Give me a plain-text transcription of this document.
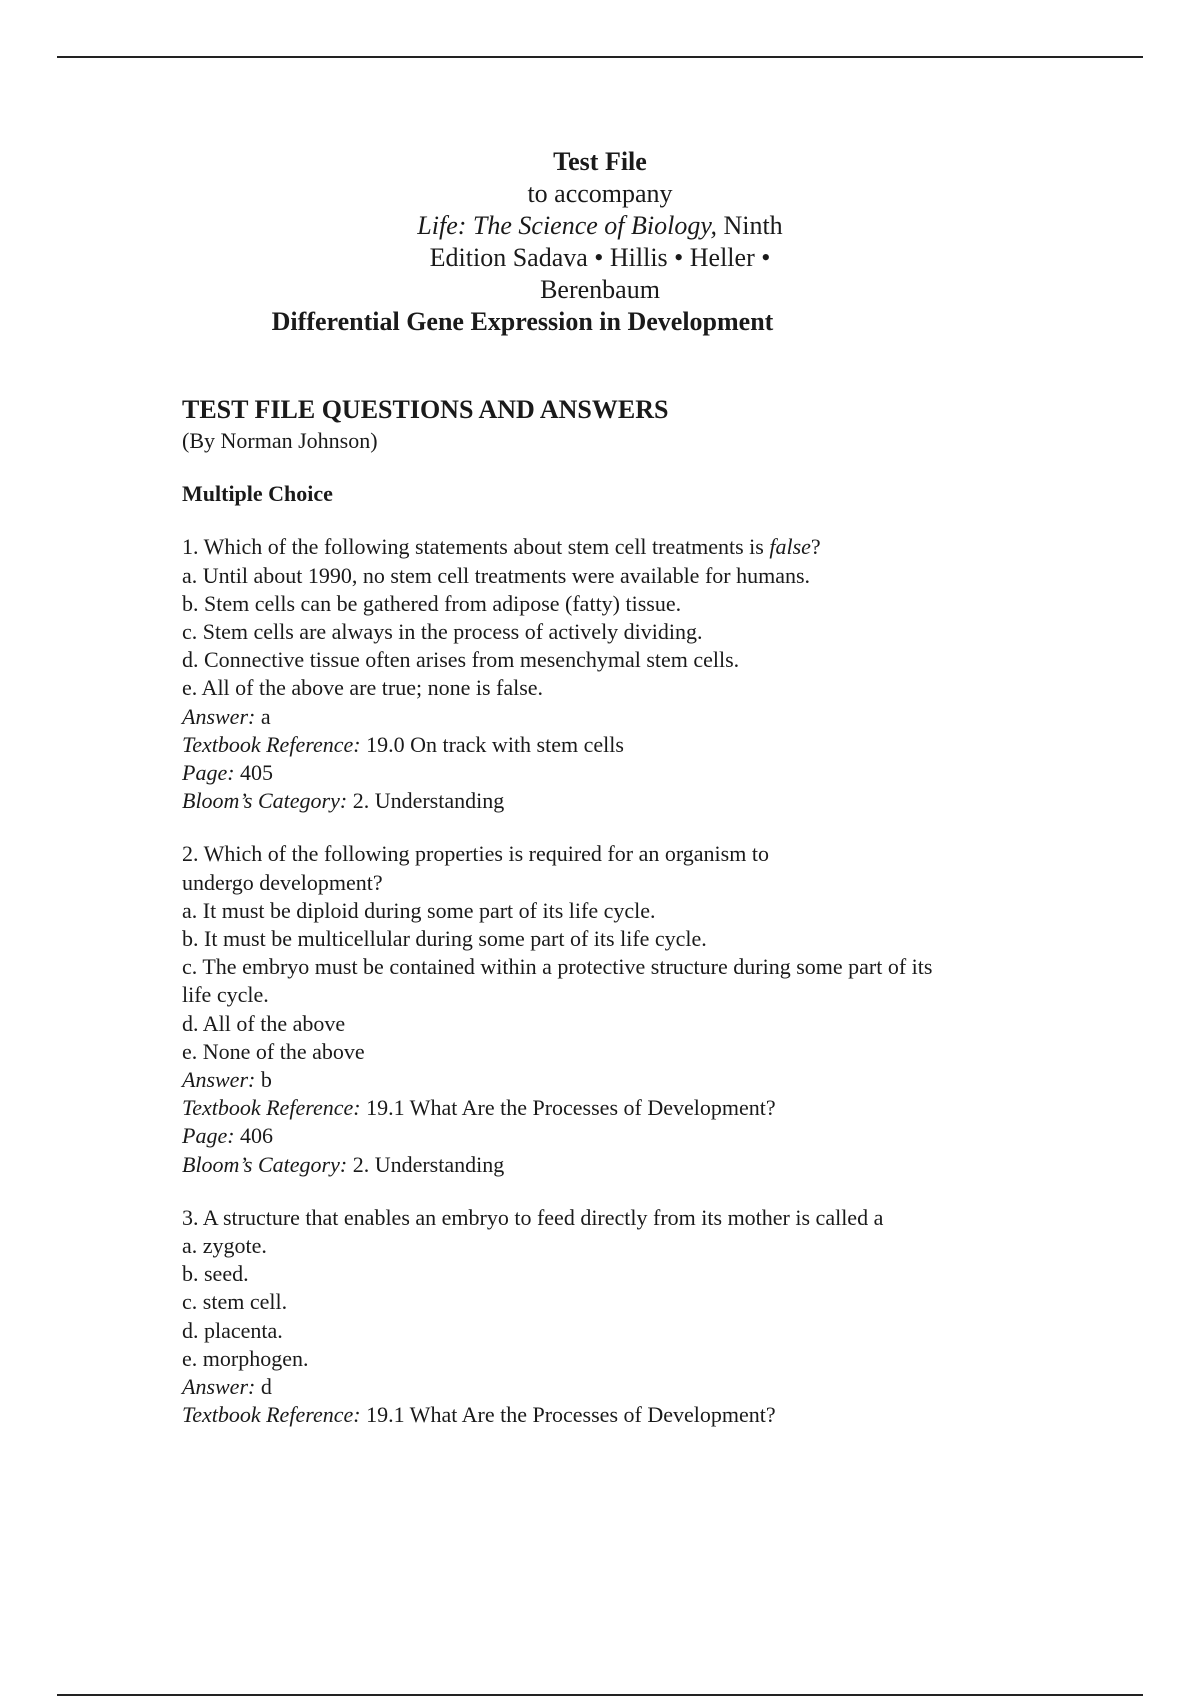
Test File
to accompany
Life: The Science of Biology, Ninth
Edition Sadava • Hillis • Heller •
Berenbaum
Differential Gene Expression in Development
TEST FILE QUESTIONS AND ANSWERS
(By Norman Johnson)
Multiple Choice
1. Which of the following statements about stem cell treatments is false?
a. Until about 1990, no stem cell treatments were available for humans.
b. Stem cells can be gathered from adipose (fatty) tissue.
c. Stem cells are always in the process of actively dividing.
d. Connective tissue often arises from mesenchymal stem cells.
e. All of the above are true; none is false.
Answer: a
Textbook Reference: 19.0 On track with stem cells
Page: 405
Bloom’s Category: 2. Understanding
2. Which of the following properties is required for an organism to
undergo development?
a. It must be diploid during some part of its life cycle.
b. It must be multicellular during some part of its life cycle.
c. The embryo must be contained within a protective structure during some part of its
life cycle.
d. All of the above
e. None of the above
Answer: b
Textbook Reference: 19.1 What Are the Processes of Development?
Page: 406
Bloom’s Category: 2. Understanding
3. A structure that enables an embryo to feed directly from its mother is called a
a. zygote.
b. seed.
c. stem cell.
d. placenta.
e. morphogen.
Answer: d
Textbook Reference: 19.1 What Are the Processes of Development?
